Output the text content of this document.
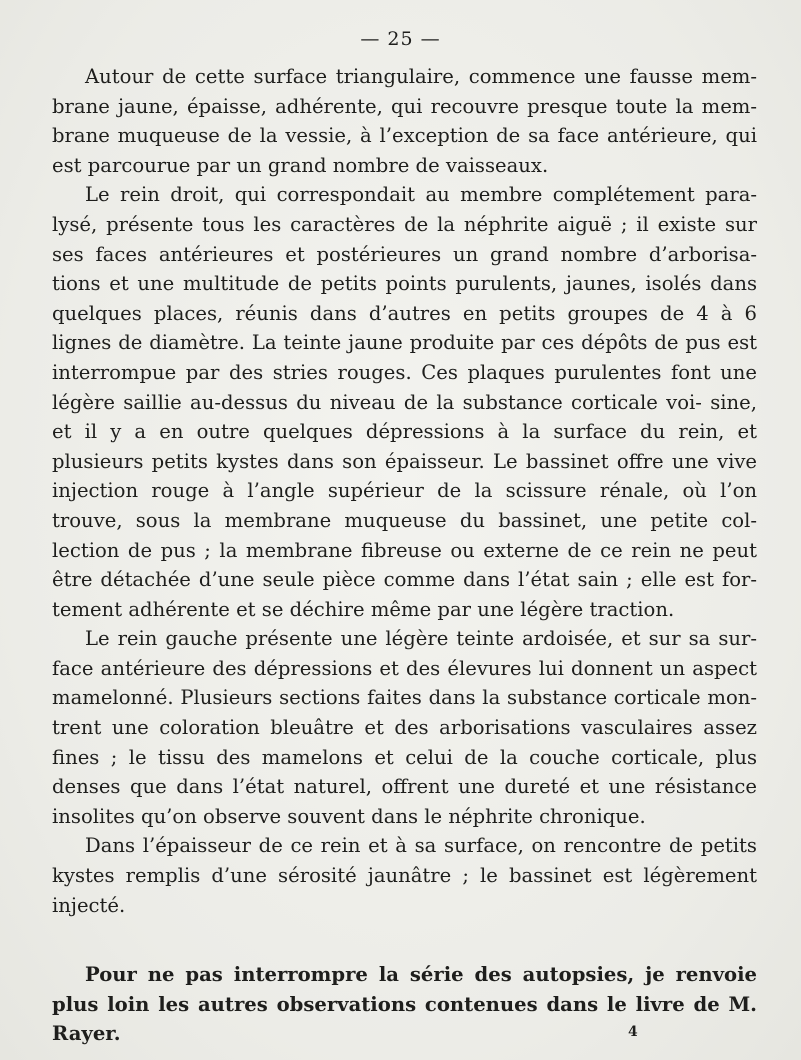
— 25 —

Autour de cette surface triangulaire, commence une fausse mem- brane jaune, épaisse, adhérente, qui recouvre presque toute la mem- brane muqueuse de la vessie, à l’exception de sa face antérieure, qui est parcourue par un grand nombre de vaisseaux.

Le rein droit, qui correspondait au membre complétement para- lysé, présente tous les caractères de la néphrite aiguë ; il existe sur ses faces antérieures et postérieures un grand nombre d’arborisa- tions et une multitude de petits points purulents, jaunes, isolés dans quelques places, réunis dans d’autres en petits groupes de 4 à 6 lignes de diamètre. La teinte jaune produite par ces dépôts de pus est interrompue par des stries rouges. Ces plaques purulentes font une légère saillie au-dessus du niveau de la substance corticale voi- sine, et il y a en outre quelques dépressions à la surface du rein, et plusieurs petits kystes dans son épaisseur. Le bassinet offre une vive injection rouge à l’angle supérieur de la scissure rénale, où l’on trouve, sous la membrane muqueuse du bassinet, une petite col- lection de pus ; la membrane fibreuse ou externe de ce rein ne peut être détachée d’une seule pièce comme dans l’état sain ; elle est for- tement adhérente et se déchire même par une légère traction.

Le rein gauche présente une légère teinte ardoisée, et sur sa sur- face antérieure des dépressions et des élevures lui donnent un aspect mamelonné. Plusieurs sections faites dans la substance corticale mon- trent une coloration bleuâtre et des arborisations vasculaires assez fines ; le tissu des mamelons et celui de la couche corticale, plus denses que dans l’état naturel, offrent une dureté et une résistance insolites qu’on observe souvent dans le néphrite chronique.

Dans l’épaisseur de ce rein et à sa surface, on rencontre de petits kystes remplis d’une sérosité jaunâtre ; le bassinet est légèrement injecté.

Pour ne pas interrompre la série des autopsies, je renvoie plus loin les autres observations contenues dans le livre de M. Rayer.	4
